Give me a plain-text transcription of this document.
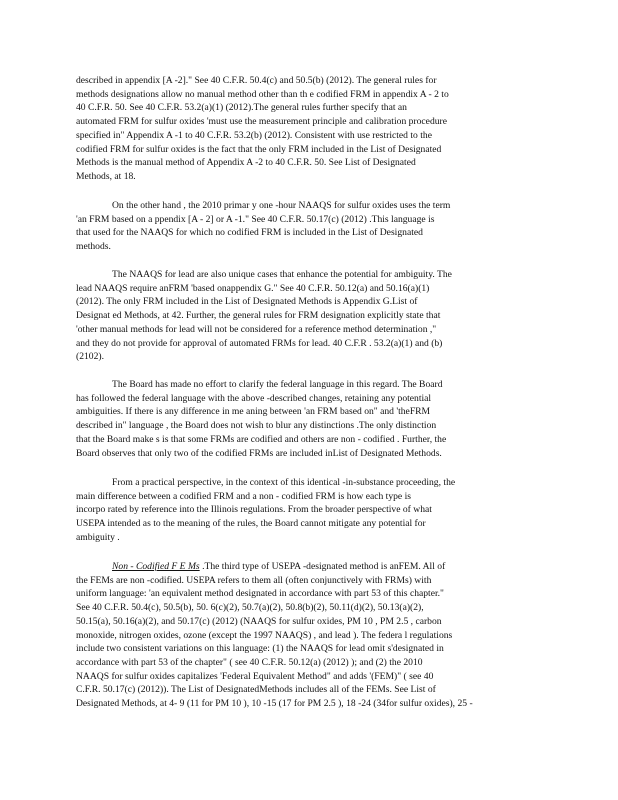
described in appendix [A -2]." See 40 C.F.R. 50.4(c) and 50.5(b) (2012). The general rules for
methods designations allow no manual method other than th e codified FRM in appendix A - 2 to
40 C.F.R. 50. See 40 C.F.R. 53.2(a)(1) (2012).The general rules further specify that an
automated FRM for sulfur oxides 'must use the measurement principle and calibration procedure
specified in" Appendix A -1 to 40 C.F.R. 53.2(b) (2012). Consistent with use restricted to the
codified FRM for sulfur oxides is the fact that the only FRM included in the List of Designated
Methods is the manual method of Appendix A -2 to 40 C.F.R. 50. See List of Designated
Methods, at 18.

On the other hand , the 2010 primar y one -hour NAAQS for sulfur oxides uses the term
'an FRM based on a ppendix [A - 2] or A -1." See 40 C.F.R. 50.17(c) (2012) .This language is
that used for the NAAQS for which no codified FRM is included in the List of Designated
methods.

The NAAQS for lead are also unique cases that enhance the potential for ambiguity. The
lead NAAQS require anFRM 'based onappendix G." See 40 C.F.R. 50.12(a) and 50.16(a)(1)
(2012). The only FRM included in the List of Designated Methods is Appendix G.List of
Designat ed Methods, at 42. Further, the general rules for FRM designation explicitly state that
'other manual methods for lead will not be considered for a reference method determination ,"
and they do not provide for approval of automated FRMs for lead. 40 C.F.R . 53.2(a)(1) and (b)
(2102).

The Board has made no effort to clarify the federal language in this regard. The Board
has followed the federal language with the above -described changes, retaining any potential
ambiguities. If there is any difference in me aning between 'an FRM based on" and 'theFRM
described in" language , the Board does not wish to blur any distinctions .The only distinction
that the Board make s is that some FRMs are codified and others are non - codified . Further, the
Board observes that only two of the codified FRMs are included inList of Designated Methods.

From a practical perspective, in the context of this identical -in-substance proceeding, the
main difference between a codified FRM and a non - codified FRM is how each type is
incorpo rated by reference into the Illinois regulations. From the broader perspective of what
USEPA intended as to the meaning of the rules, the Board cannot mitigate any potential for
ambiguity .

Non - Codified F E Ms .The third type of USEPA -designated method is anFEM. All of
the FEMs are non -codified. USEPA refers to them all (often conjunctively with FRMs) with
uniform language: 'an equivalent method designated in accordance with part 53 of this chapter."
See 40 C.F.R. 50.4(c), 50.5(b), 50. 6(c)(2), 50.7(a)(2), 50.8(b)(2), 50.11(d)(2), 50.13(a)(2),
50.15(a), 50.16(a)(2), and 50.17(c) (2012) (NAAQS for sulfur oxides, PM 10 , PM 2.5 , carbon
monoxide, nitrogen oxides, ozone (except the 1997 NAAQS) , and lead ). The federa l regulations
include two consistent variations on this language: (1) the NAAQS for lead omit s'designated in
accordance with part 53 of the chapter" ( see 40 C.F.R. 50.12(a) (2012) ); and (2) the 2010
NAAQS for sulfur oxides capitalizes 'Federal Equivalent Method" and adds '(FEM)" ( see 40
C.F.R. 50.17(c) (2012)). The List of DesignatedMethods includes all of the FEMs. See List of
Designated Methods, at 4- 9 (11 for PM 10 ), 10 -15 (17 for PM 2.5 ), 18 -24 (34for sulfur oxides), 25 -
